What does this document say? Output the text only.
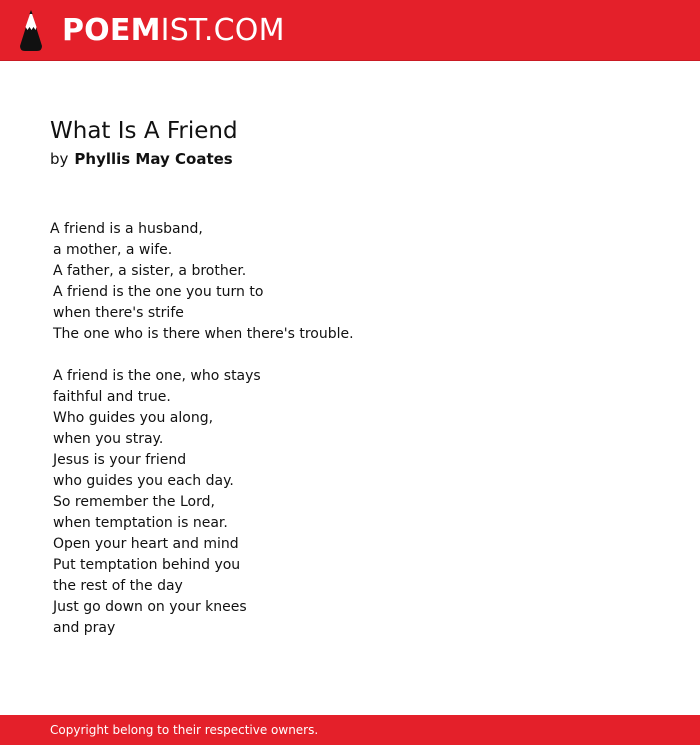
POEMIST.COM
What Is A Friend
by Phyllis May Coates
A friend is a husband,
a mother, a wife.
A father, a sister, a brother.
A friend is the one you turn to
when there's strife
The one who is there when there's trouble.
A friend is the one, who stays
faithful and true.
Who guides you along,
when you stray.
Jesus is your friend
who guides you each day.
So remember the Lord,
when temptation is near.
Open your heart and mind
Put temptation behind you
the rest of the day
Just go down on your knees
and pray
Copyright belong to their respective owners.
